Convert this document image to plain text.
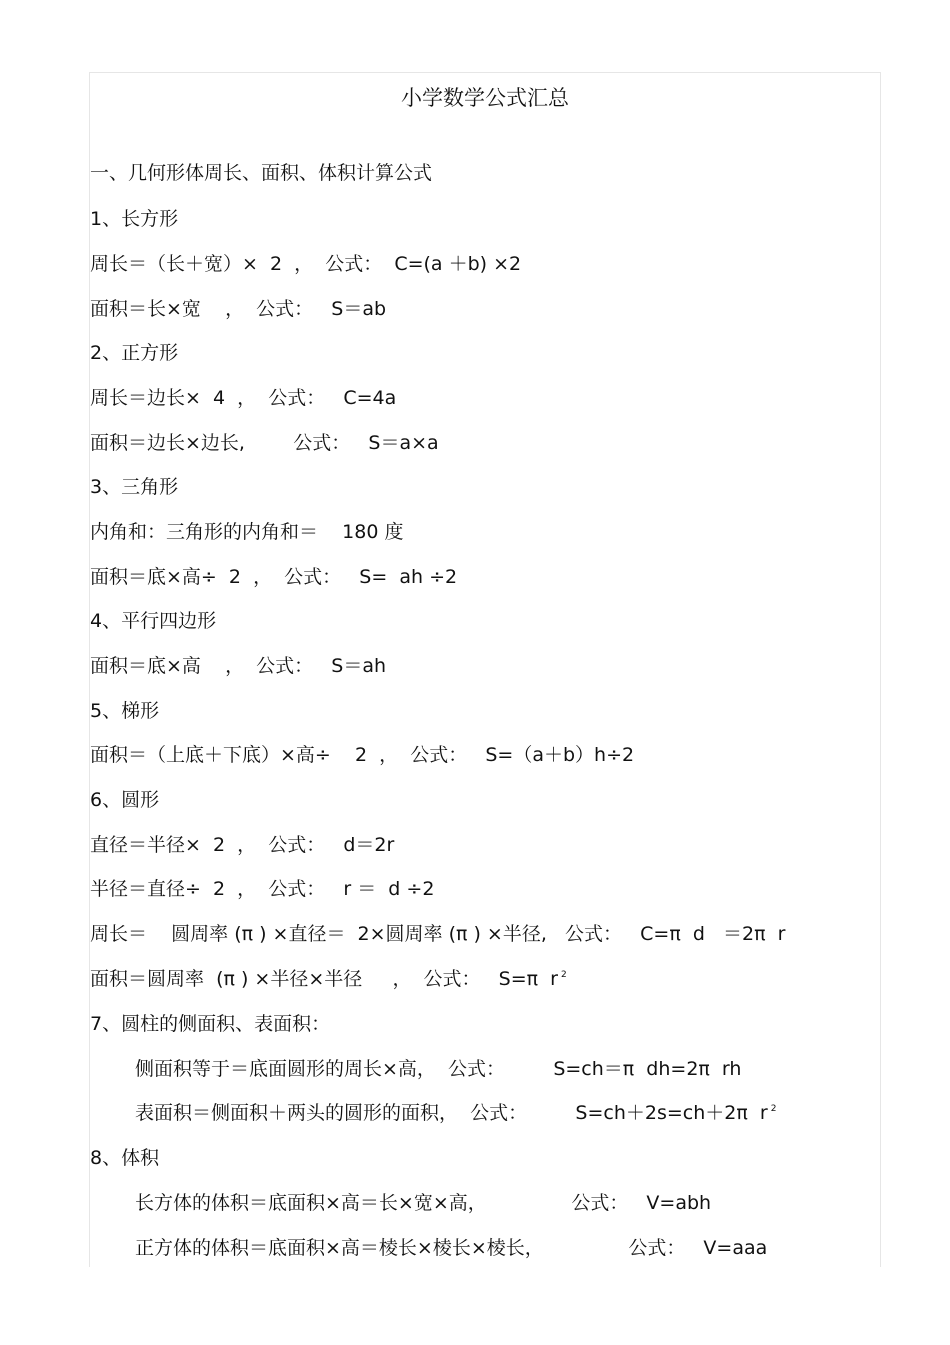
小学数学公式汇总
一、几何形体周长、面积、体积计算公式
1、长方形
周长＝（长＋宽）×  2  ，  公式：  C=(a ＋b) ×2
面积＝长×宽    ，  公式：   S＝ab
2、正方形
周长＝边长×  4  ，  公式：   C=4a
面积＝边长×边长,        公式：   S＝a×a
3、三角形
内角和：三角形的内角和＝    180 度
面积＝底×高÷  2  ，  公式：   S=  ah ÷2
4、平行四边形
面积＝底×高    ，  公式：   S＝ah
5、梯形
面积＝（上底＋下底）×高÷    2  ，  公式：   S=（a＋b）h÷2
6、圆形
直径＝半径×  2  ，  公式：   d＝2r
半径＝直径÷  2  ，  公式：   r ＝  d ÷2
周长＝    圆周率 (π ) ×直径＝  2×圆周率 (π ) ×半径,   公式：   C=π  d   ＝2π  r
面积＝圆周率  (π ) ×半径×半径     ，  公式：   S=π  r $^2$
7、圆柱的侧面积、表面积：
侧面积等于＝底面圆形的周长×高，  公式：        S=ch＝π  dh=2π  rh
表面积＝侧面积＋两头的圆形的面积，  公式：        S=ch＋2s=ch＋2π  r $^2$
8、体积
长方体的体积＝底面积×高＝长×宽×高，              公式：   V=abh
正方体的体积＝底面积×高＝棱长×棱长×棱长，              公式：   V=aaa
